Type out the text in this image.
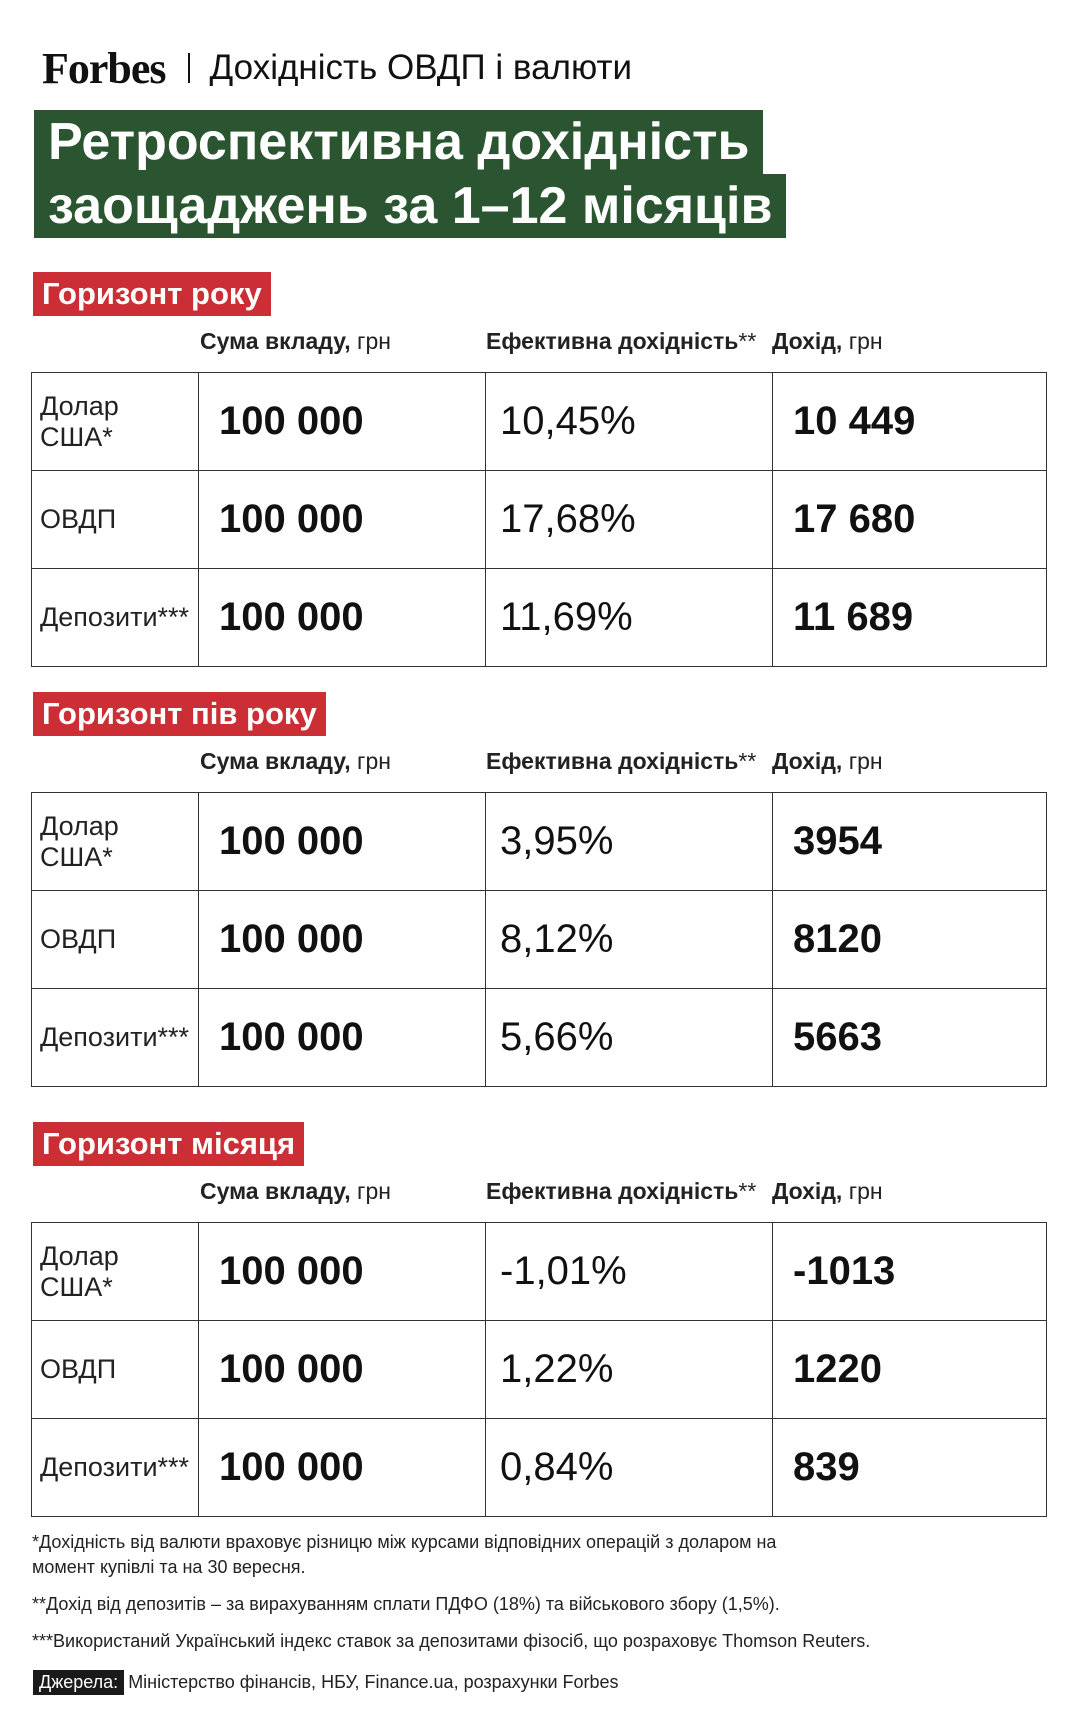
Forbes Дохідність ОВДП і валюти
Ретроспективна дохідність
заощаджень за 1–12 місяців
Горизонт року
Сума вкладу, грн	Ефективна дохідність** Дохід, грн
Долар США*	100 000	10,45%	10 449
ОВДП	100 000	17,68%	17 680
Депозити***	100 000	11,69%	11 689
Горизонт пів року
Сума вкладу, грн	Ефективна дохідність** Дохід, грн
Долар США*	100 000	3,95%	3954
ОВДП	100 000	8,12%	8120
Депозити***	100 000	5,66%	5663
Горизонт місяця
Сума вкладу, грн	Ефективна дохідність** Дохід, грн
Долар США*	100 000	-1,01%	-1013
ОВДП	100 000	1,22%	1220
Депозити***	100 000	0,84%	839

*Дохідність від валюти враховує різницю між курсами відповідних операцій з доларом на момент купівлі та на 30 вересня.

**Дохід від депозитів – за вирахуванням сплати ПДФО (18%) та військового збору (1,5%).

***Використаний Український індекс ставок за депозитами фізосіб, що розраховує Thomson Reuters.

Джерела: Міністерство фінансів, НБУ, Finance.ua, розрахунки Forbes
